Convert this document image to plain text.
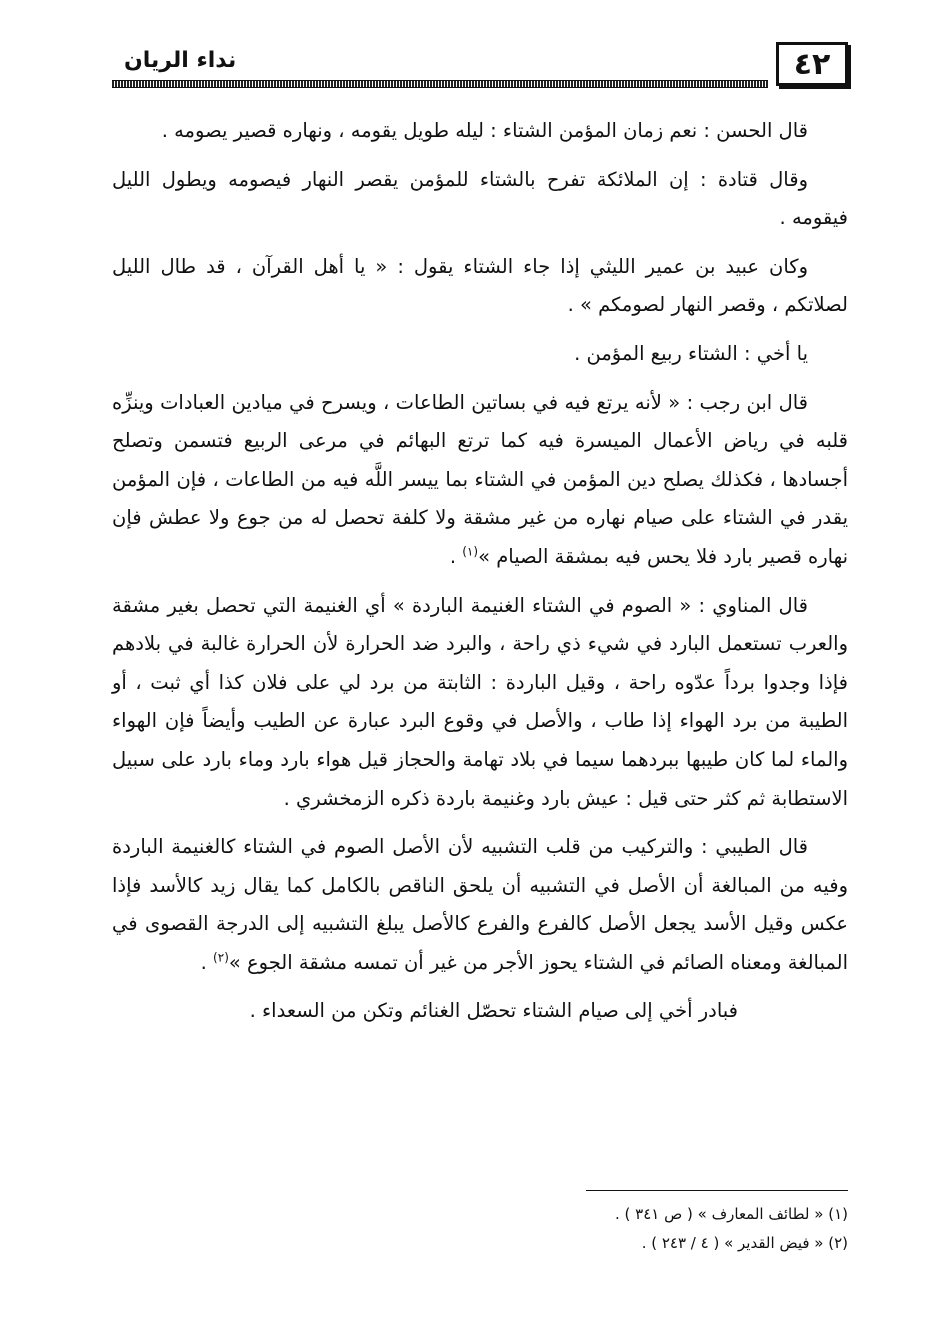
نداء الريان	٤٢

قال الحسن : نعم زمان المؤمن الشتاء : ليله طويل يقومه ، ونهاره قصير يصومه .

وقال قتادة : إن الملائكة تفرح بالشتاء للمؤمن يقصر النهار فيصومه ويطول الليل فيقومه .

وكان عبيد بن عمير الليثي إذا جاء الشتاء يقول : « يا أهل القرآن ، قد طال الليل لصلاتكم ، وقصر النهار لصومكم » .

يا أخي : الشتاء ربيع المؤمن .

قال ابن رجب : « لأنه يرتع فيه في بساتين الطاعات ، ويسرح في ميادين العبادات وينزِّه قلبه في رياض الأعمال الميسرة فيه كما ترتع البهائم في مرعى الربيع فتسمن وتصلح أجسادها ، فكذلك يصلح دين المؤمن في الشتاء بما ييسر اللَّه فيه من الطاعات ، فإن المؤمن يقدر في الشتاء على صيام نهاره من غير مشقة ولا كلفة تحصل له من جوع ولا عطش فإن نهاره قصير بارد فلا يحس فيه بمشقة الصيام »$^{(١)}$ .

قال المناوي : « الصوم في الشتاء الغنيمة الباردة » أي الغنيمة التي تحصل بغير مشقة والعرب تستعمل البارد في شيء ذي راحة ، والبرد ضد الحرارة لأن الحرارة غالبة في بلادهم فإذا وجدوا برداً عدّوه راحة ، وقيل الباردة : الثابتة من برد لي على فلان كذا أي ثبت ، أو الطيبة من برد الهواء إذا طاب ، والأصل في وقوع البرد عبارة عن الطيب وأيضاً فإن الهواء والماء لما كان طيبها ببردهما سيما في بلاد تهامة والحجاز قيل هواء بارد وماء بارد على سبيل الاستطابة ثم كثر حتى قيل : عيش بارد وغنيمة باردة ذكره الزمخشري .

قال الطيبي : والتركيب من قلب التشبيه لأن الأصل الصوم في الشتاء كالغنيمة الباردة وفيه من المبالغة أن الأصل في التشبيه أن يلحق الناقص بالكامل كما يقال زيد كالأسد فإذا عكس وقيل الأسد يجعل الأصل كالفرع والفرع كالأصل يبلغ التشبيه إلى الدرجة القصوى في المبالغة ومعناه الصائم في الشتاء يحوز الأجر من غير أن تمسه مشقة الجوع »$^{(٢)}$ .

فبادر أخي إلى صيام الشتاء تحصّل الغنائم وتكن من السعداء .

(١) « لطائف المعارف » ( ص ٣٤١ ) .

(٢) « فيض القدير » ( ٤ / ٢٤٣ ) .
